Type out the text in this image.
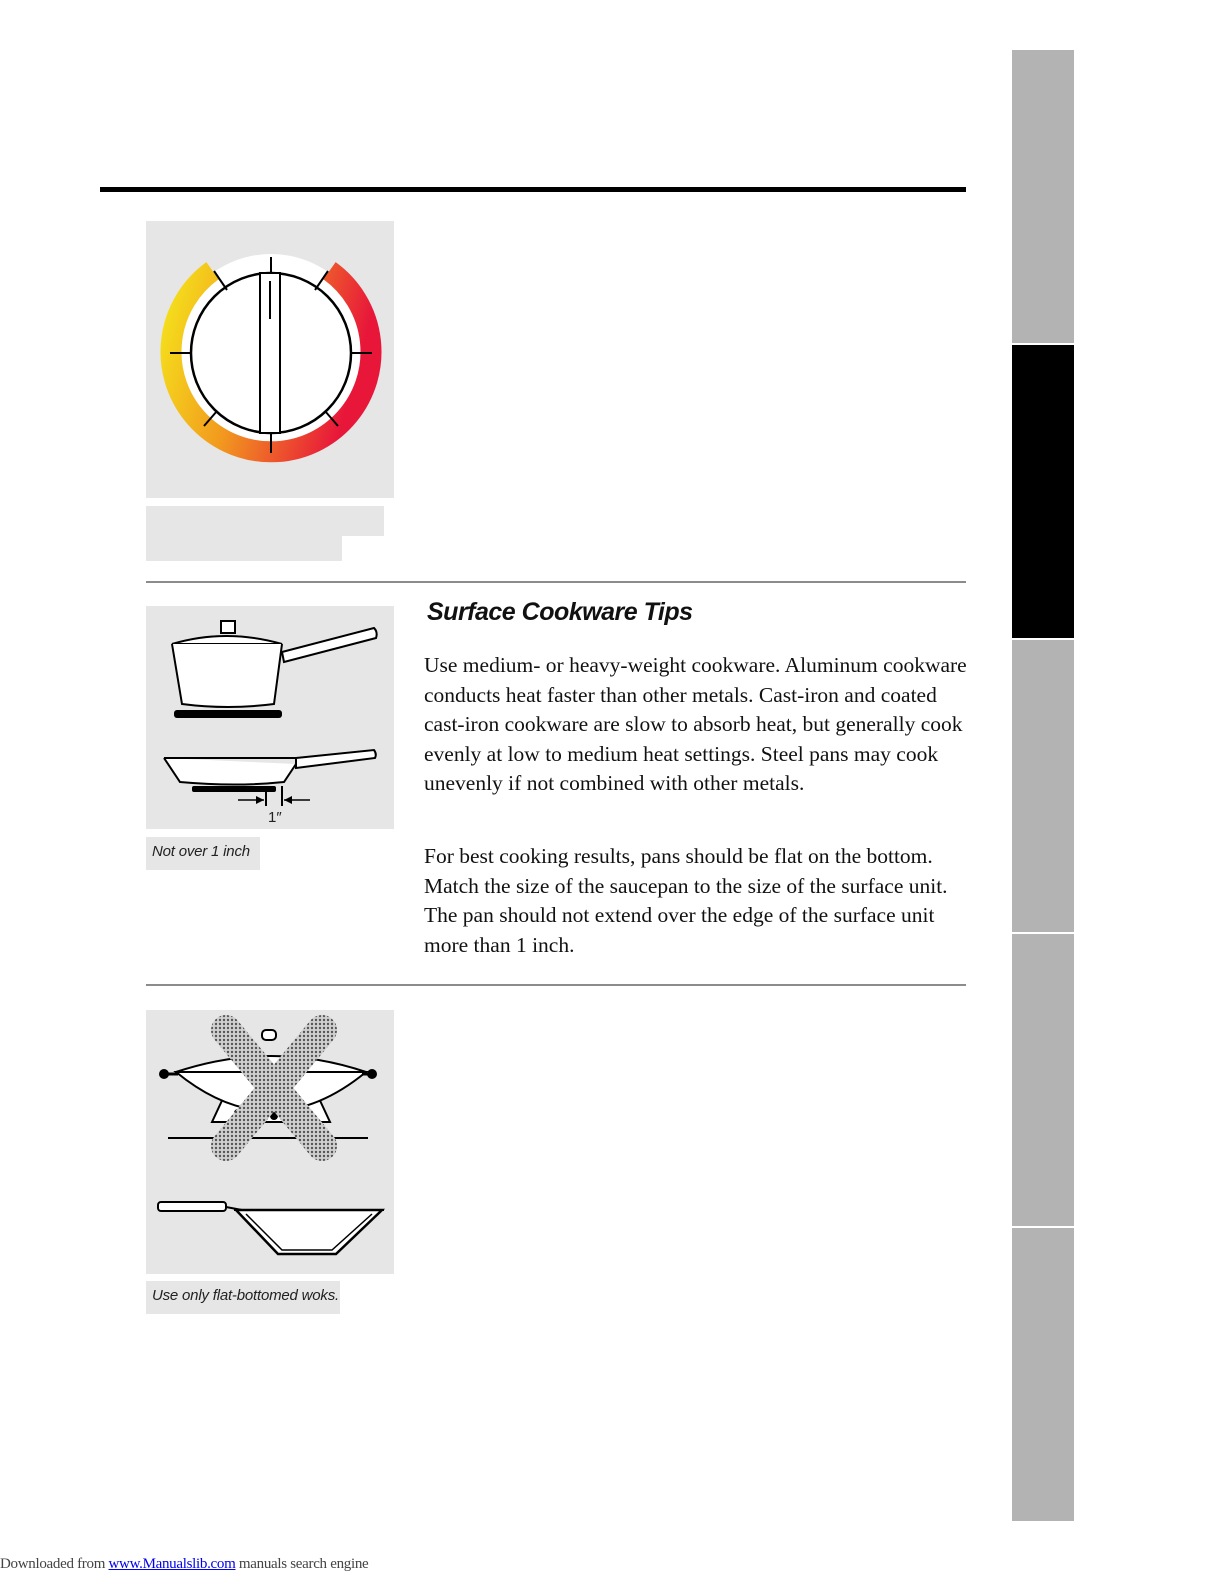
1″
Not over 1 inch
Surface Cookware Tips

Use medium- or heavy-weight cookware. Aluminum cookware conducts heat faster than other metals. Cast-iron and coated cast-iron cookware are slow to absorb heat, but generally cook evenly at low to medium heat settings. Steel pans may cook unevenly if not combined with other metals.

For best cooking results, pans should be flat on the bottom. Match the size of the saucepan to the size of the surface unit. The pan should not extend over the edge of the surface unit more than 1 inch.

Use only flat-bottomed woks.
Downloaded from www.Manualslib.com manuals search engine
